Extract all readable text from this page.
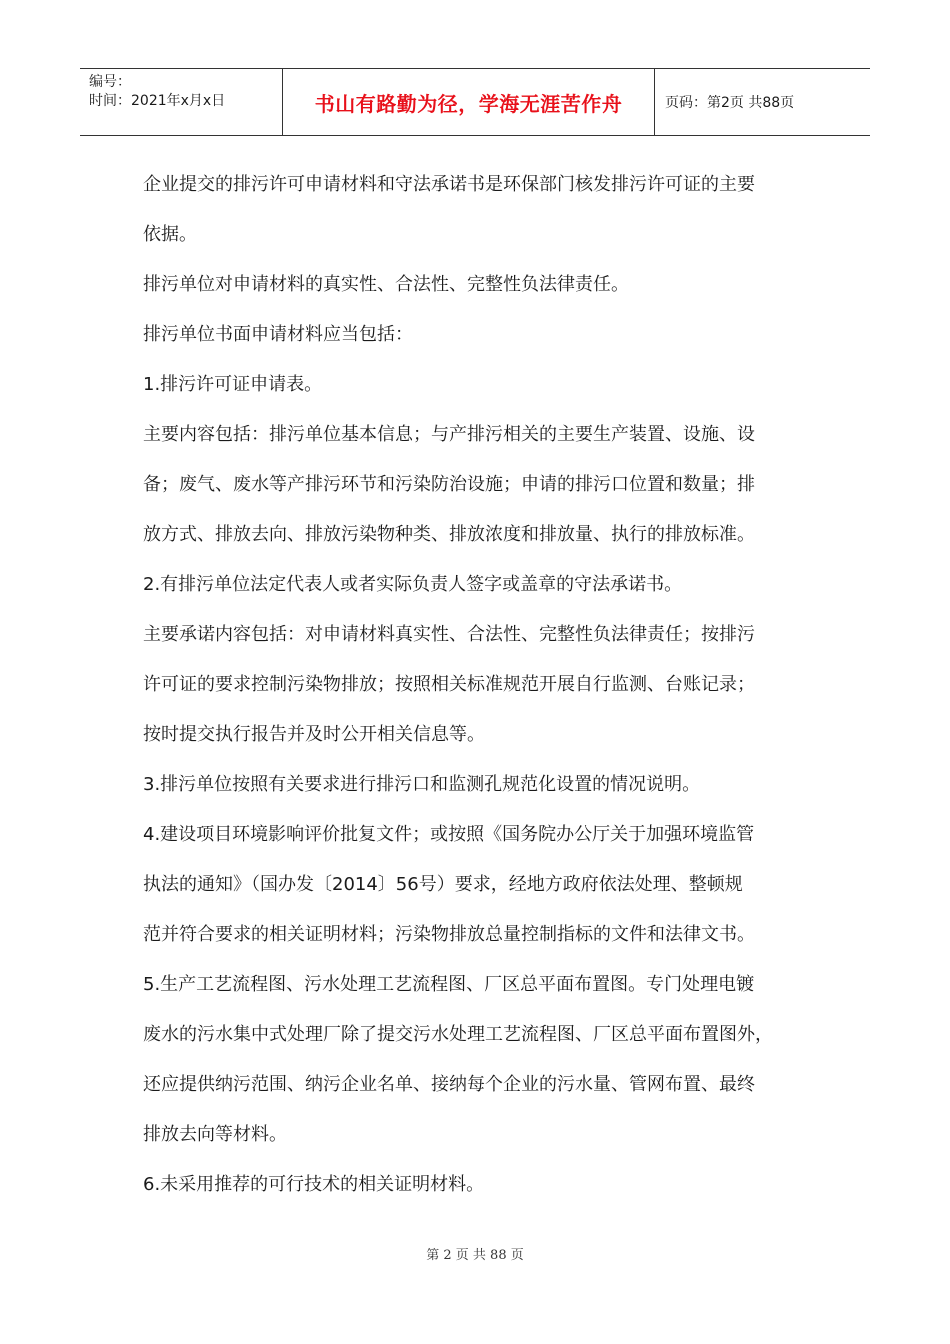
编号：
时间：2021年x月x日	书山有路勤为径，学海无涯苦作舟	页码：第2页 共88页

企业提交的排污许可申请材料和守法承诺书是环保部门核发排污许可证的主要

依据。

排污单位对申请材料的真实性、合法性、完整性负法律责任。

排污单位书面申请材料应当包括：

1.排污许可证申请表。

主要内容包括：排污单位基本信息；与产排污相关的主要生产装置、设施、设

备；废气、废水等产排污环节和污染防治设施；申请的排污口位置和数量；排

放方式、排放去向、排放污染物种类、排放浓度和排放量、执行的排放标准。

2.有排污单位法定代表人或者实际负责人签字或盖章的守法承诺书。

主要承诺内容包括：对申请材料真实性、合法性、完整性负法律责任；按排污

许可证的要求控制污染物排放；按照相关标准规范开展自行监测、台账记录；

按时提交执行报告并及时公开相关信息等。

3.排污单位按照有关要求进行排污口和监测孔规范化设置的情况说明。

4.建设项目环境影响评价批复文件；或按照《国务院办公厅关于加强环境监管

执法的通知》（国办发〔2014〕56号）要求，经地方政府依法处理、整顿规

范并符合要求的相关证明材料；污染物排放总量控制指标的文件和法律文书。

5.生产工艺流程图、污水处理工艺流程图、厂区总平面布置图。专门处理电镀

废水的污水集中式处理厂除了提交污水处理工艺流程图、厂区总平面布置图外，

还应提供纳污范围、纳污企业名单、接纳每个企业的污水量、管网布置、最终

排放去向等材料。

6.未采用推荐的可行技术的相关证明材料。

第 2 页 共 88 页
